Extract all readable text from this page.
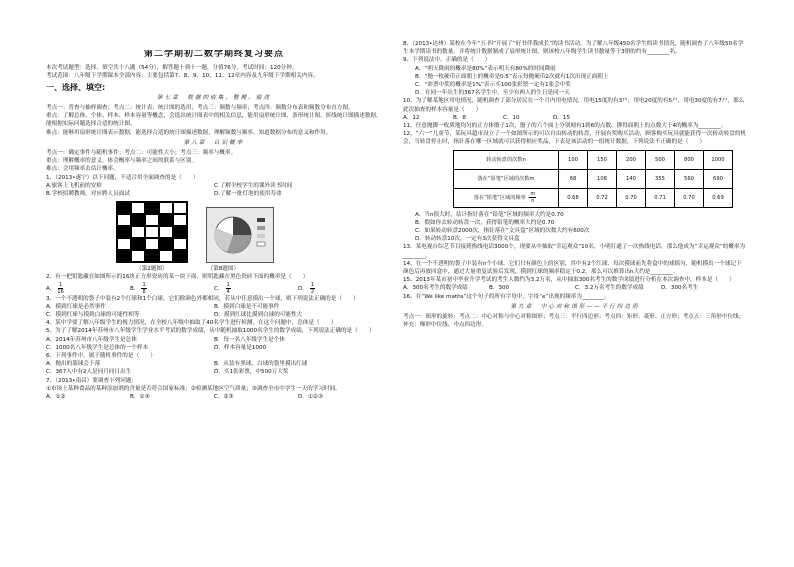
第二学期初二数学期终复习要点
本次考试题型：选择、填空共十八题（54分），解答题十到十一题，分值76分。考试时间：120分钟。
考试范围：八年级下学期课本全部内容：主要包括第7、8、9、10、11、12章内容及九年级下学期相关内容。
一、选择、填空:
第七章　数据的收集、整理、描述
考点一：普查与抽样调查；考点二：统计表；统计图的选用；考点三：频数与频率；考点四：频数分布表和频数分布直方图。
重点：了解总体、个体、样本、样本容量等概念，会选出统计图表中的相关信息，能用扇形统计图、条形统计图、折线统计图描述数据，能根据实际问题选择合适的统计图。
难点：能够用扇形统计图表示数据，能选择合适的统计图描述数据，理解频数与频率，知道数据分布的意义和作用。
第八章　认识概率
考点一：确定事件与随机事件；考点二：可能性大小；考点三：频率与概率。
重点：理解概率的意义，体会概率与频率之间的联系与区别。
难点：会用频率去估计概率。
1、（2013•遂宁）以下问题，不适合用全面调查的是（　　）
A.旅客上飞机前的安检	C.了解全校学生的课外读书时间
B.学校招聘教师，对应聘人员面试	D.了解一批灯泡的使用寿命
（第2题图）	（第8题图）
2、有一把钥匙藏在如图所示的16块正方形瓷砖的某一块下面，则钥匙藏在黑色瓷砖下面的概率是（　　）
A． $\frac{1}{16}$	B． $\frac{1}{8}$	C． $\frac{1}{4}$	D． $\frac{1}{2}$
3、一个不透明的袋子中装有2个红球和1个白球，它们除颜色外都相同，若从中任意摸出一个球，则下列说法正确的是（　　）
A．摸到红球是必然事件	B．摸到白球是不可能事件
C．摸到红球与摸到白球的可能性相等	D．摸到红球比摸到白球的可能性大
4、某中学要了解八年级学生的视力情况，在全校八年级中抽取了40名学生进行检测，在这个问题中，总体是（　　）
5、为了了解2014年苏州市八年级学生学业水平考试的数学成绩，从中随机抽取1000名学生的数学成绩，下列说法正确的是（　　）
A．2014年苏州市八年级学生是总体	B．每一名八年级学生是个体
C．1000名八年级学生是总体的一个样本	D．样本容量是1000
6、下列事件中，属于随机事件的是（　　）
A．抛出的篮球会下落	B．从装有黑球、白球的袋里摸出红球
C．367人中有2人是同月同日出生	D．买1张彩票，中500万大奖
7、（2013•南昌）要调查下列问题：
①市场上某种食品的某种添加剂的含量是否符合国家标准；②检测某地区空气质量；③调查全市中学生一天的学习时间。
A．①②	B．①③	C．②③	D．①②③
8、（2013•达州）某校在今年“五·四”开展了“好书伴我成长”的读书活动，为了解八年级450名学生的读书情况，随机调查了八年级50名学生本学期读书的数量，并将统计数据制成了扇形统计图，则该校八年级学生读书数量等于3册的约有________名。
9、下列说法中，正确的是（　　）
A．“明天降雨的概率是80%”表示明天有80%的时间降雨
B．“抛一枚硬币正面朝上的概率是0.5”表示每抛硬币2次就有1次出现正面朝上
C．“彩票中奖的概率是1%”表示买100张彩票一定有1张会中奖
D．在同一年出生的367名学生中，至少有两人的生日是同一天
10、为了解某地区用电情况，随机调查了部分居民在一个月内用电情况，用电15度的有3户，用电20度的有5户，用电30度的有7户，那么此次抽查的样本容量是（　　）
A．12	B．8	C．10	D．15
11、任意抛掷一枚质地均匀的正方体骰子1次，骰子的六个面上分别刻有1到6的点数，掷得面朝上的点数大于4的概率为________。
12、“六一”儿童节，某玩具超市设立了一个如图所示的可以自由转动的转盘，开展有奖购买活动，顾客购买玩具就能获得一次转动转盘的机会，当转盘停止时，指针落在哪一区域就可以获得相应奖品，下表是该活动的一组统计数据，下列说法不正确的是（　　）
转动转盘的次数n	100	150	200	500	800	1000
落在“铅笔”区域的次数m	68	108	140	355	560	690
落在“铅笔”区域的频率 $\frac{m}{n}$	0.68	0.72	0.70	0.71	0.70	0.69
A．当n很大时，估计指针落在“铅笔”区域的频率大约是0.70
B．假如你去转动转盘一次，获得铅笔的概率大约是0.70
C．如果转动转盘2000次，指针落在“文具盒”区域的次数大约有600次
D．转动转盘10次，一定有3次获得文具盒
13、某电视台综艺节目接到热线电话3000个，现要从中抽取“幸运观众”10名，小明打通了一次热线电话，那么他成为“幸运观众”的概率为________。
14、在一个不透明的袋子中装有n个小球，它们只有颜色上的区别，其中有2个红球，每次摸球前先将盒中的球摇匀，随机摸出一个球记下颜色后再放回盒中，通过大量重复试验后发现，摸到红球的频率稳定于0.2，那么可以推算出n大约是________。
15、2013年某市初中毕业升学考试的考生人数约为3.2万名，从中抽取300名考生的数学成绩进行分析在本次调查中，样本是（　　）
A．300名考生的数学成绩	B．300	C．3.2万名考生的数学成绩	D．300名考生
16、在“We like maths”这个句子的所有字母中，字母“e”出现的频率为________。
第九章　中心对称图形——平行四边形
考点一：图形的旋转；考点二：中心对称与中心对称图形；考点三：平行四边形；考点四：矩形、菱形、正方形；考点五：三角形中位线；补充：梯形中位线、中点四边形。
